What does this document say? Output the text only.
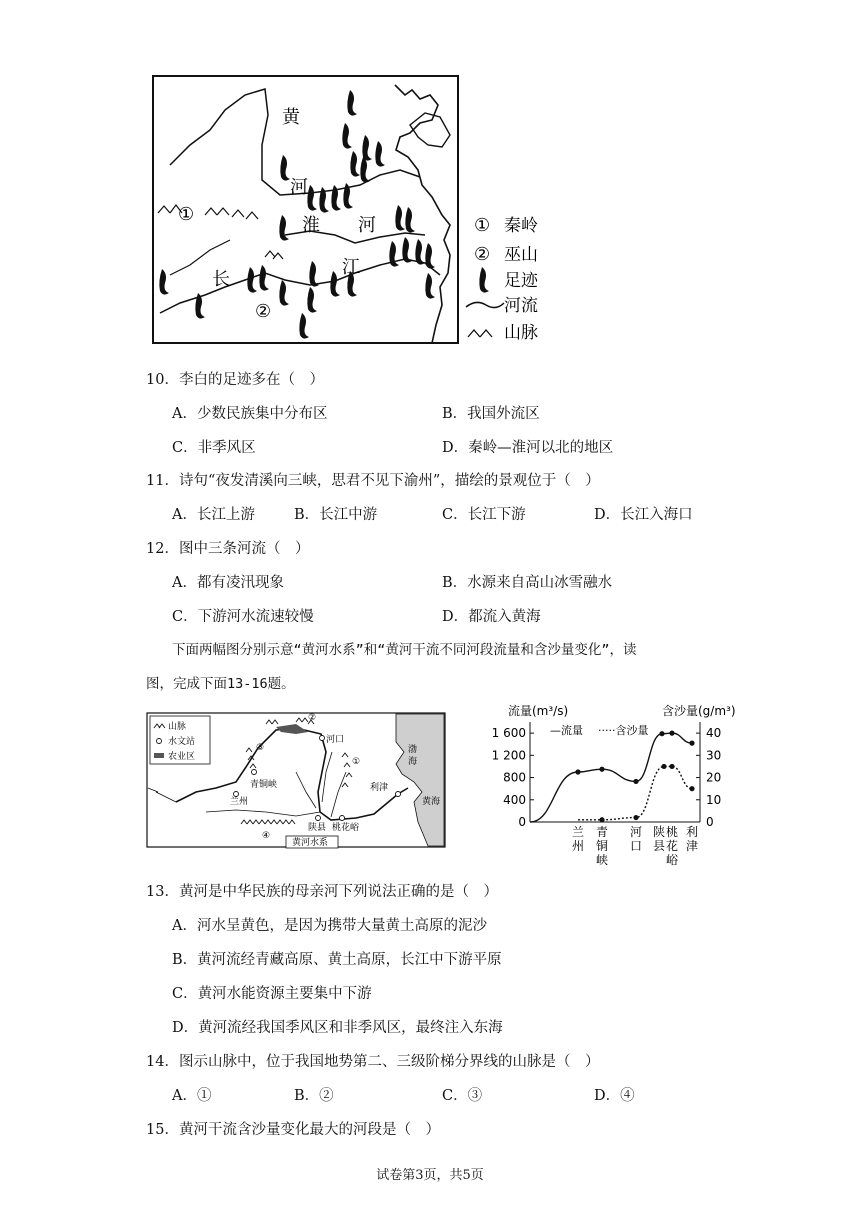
黄
河
淮 河
长
江
①
②
① 秦岭
② 巫山
足迹
河流
山脉
10．李白的足迹多在（　）
A．少数民族集中分布区	B．我国外流区
C．非季风区	D．秦岭—淮河以北的地区
11．诗句“夜发清溪向三峡，思君不见下渝州”，描绘的景观位于（　）
A．长江上游	B．长江中游	C．长江下游	D．长江入海口
12．图中三条河流（　）
A．都有凌汛现象	B．水源来自高山冰雪融水
C．下游河水流速较慢	D．都流入黄海
下面两幅图分别示意“黄河水系”和“黄河干流不同河段流量和含沙量变化”，读
图，完成下面13-16题。
山脉
水文站
农业区
②
③
①
④
河口
青铜峡
兰州
利津
渤
海
黄海
陕县 桃花峪
黄河水系
流量(m³/s)	含沙量(g/m³)
—流量 ·····含沙量
0
400
800
1 200
1 600
0
10
20
30
40
兰
州
青
铜
峡
河
口
陕
县
桃
花
峪
利
津
13．黄河是中华民族的母亲河下列说法正确的是（　）
A．河水呈黄色，是因为携带大量黄土高原的泥沙
B．黄河流经青藏高原、黄土高原，长江中下游平原
C．黄河水能资源主要集中下游
D．黄河流经我国季风区和非季风区，最终注入东海
14．图示山脉中，位于我国地势第二、三级阶梯分界线的山脉是（　）
A．①	B．②	C．③	D．④
15．黄河干流含沙量变化最大的河段是（　）
试卷第3页，共5页
